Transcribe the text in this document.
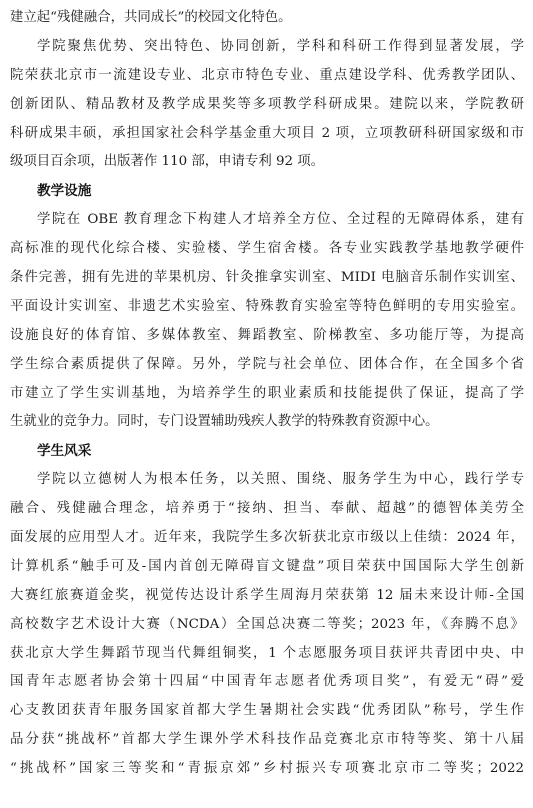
建立起“残健融合，共同成长”的校园文化特色。
学院聚焦优势、突出特色、协同创新，学科和科研工作得到显著发展，学
院荣获北京市一流建设专业、北京市特色专业、重点建设学科、优秀教学团队、
创新团队、精品教材及教学成果奖等多项教学科研成果。建院以来，学院教研
科研成果丰硕，承担国家社会科学基金重大项目 2 项，立项教研科研国家级和市
级项目百余项，出版著作 110 部，申请专利 92 项。
教学设施
学院在 OBE 教育理念下构建人才培养全方位、全过程的无障碍体系，建有
高标准的现代化综合楼、实验楼、学生宿舍楼。各专业实践教学基地教学硬件
条件完善，拥有先进的苹果机房、针灸推拿实训室、MIDI 电脑音乐制作实训室、
平面设计实训室、非遗艺术实验室、特殊教育实验室等特色鲜明的专用实验室。
设施良好的体育馆、多媒体教室、舞蹈教室、阶梯教室、多功能厅等，为提高
学生综合素质提供了保障。另外，学院与社会单位、团体合作，在全国多个省
市建立了学生实训基地，为培养学生的职业素质和技能提供了保证，提高了学
生就业的竞争力。同时，专门设置辅助残疾人教学的特殊教育资源中心。
学生风采
学院以立德树人为根本任务，以关照、围绕、服务学生为中心，践行学专
融合、残健融合理念，培养勇于“接纳、担当、奉献、超越”的德智体美劳全
面发展的应用型人才。近年来，我院学生多次斩获北京市级以上佳绩：2024 年，
计算机系“触手可及-国内首创无障碍盲文键盘”项目荣获中国国际大学生创新
大赛红旅赛道金奖，视觉传达设计系学生周海月荣获第 12 届未来设计师-全国
高校数字艺术设计大赛（NCDA）全国总决赛二等奖；2023 年，《奔腾不息》
获北京大学生舞蹈节现当代舞组铜奖，1 个志愿服务项目获评共青团中央、中
国青年志愿者协会第十四届“中国青年志愿者优秀项目奖”，有爱无“碍”爱
心支教团获青年服务国家首都大学生暑期社会实践“优秀团队”称号，学生作
品分获“挑战杯”首都大学生课外学术科技作品竞赛北京市特等奖、第十八届
“挑战杯”国家三等奖和“青振京郊”乡村振兴专项赛北京市二等奖；2022
